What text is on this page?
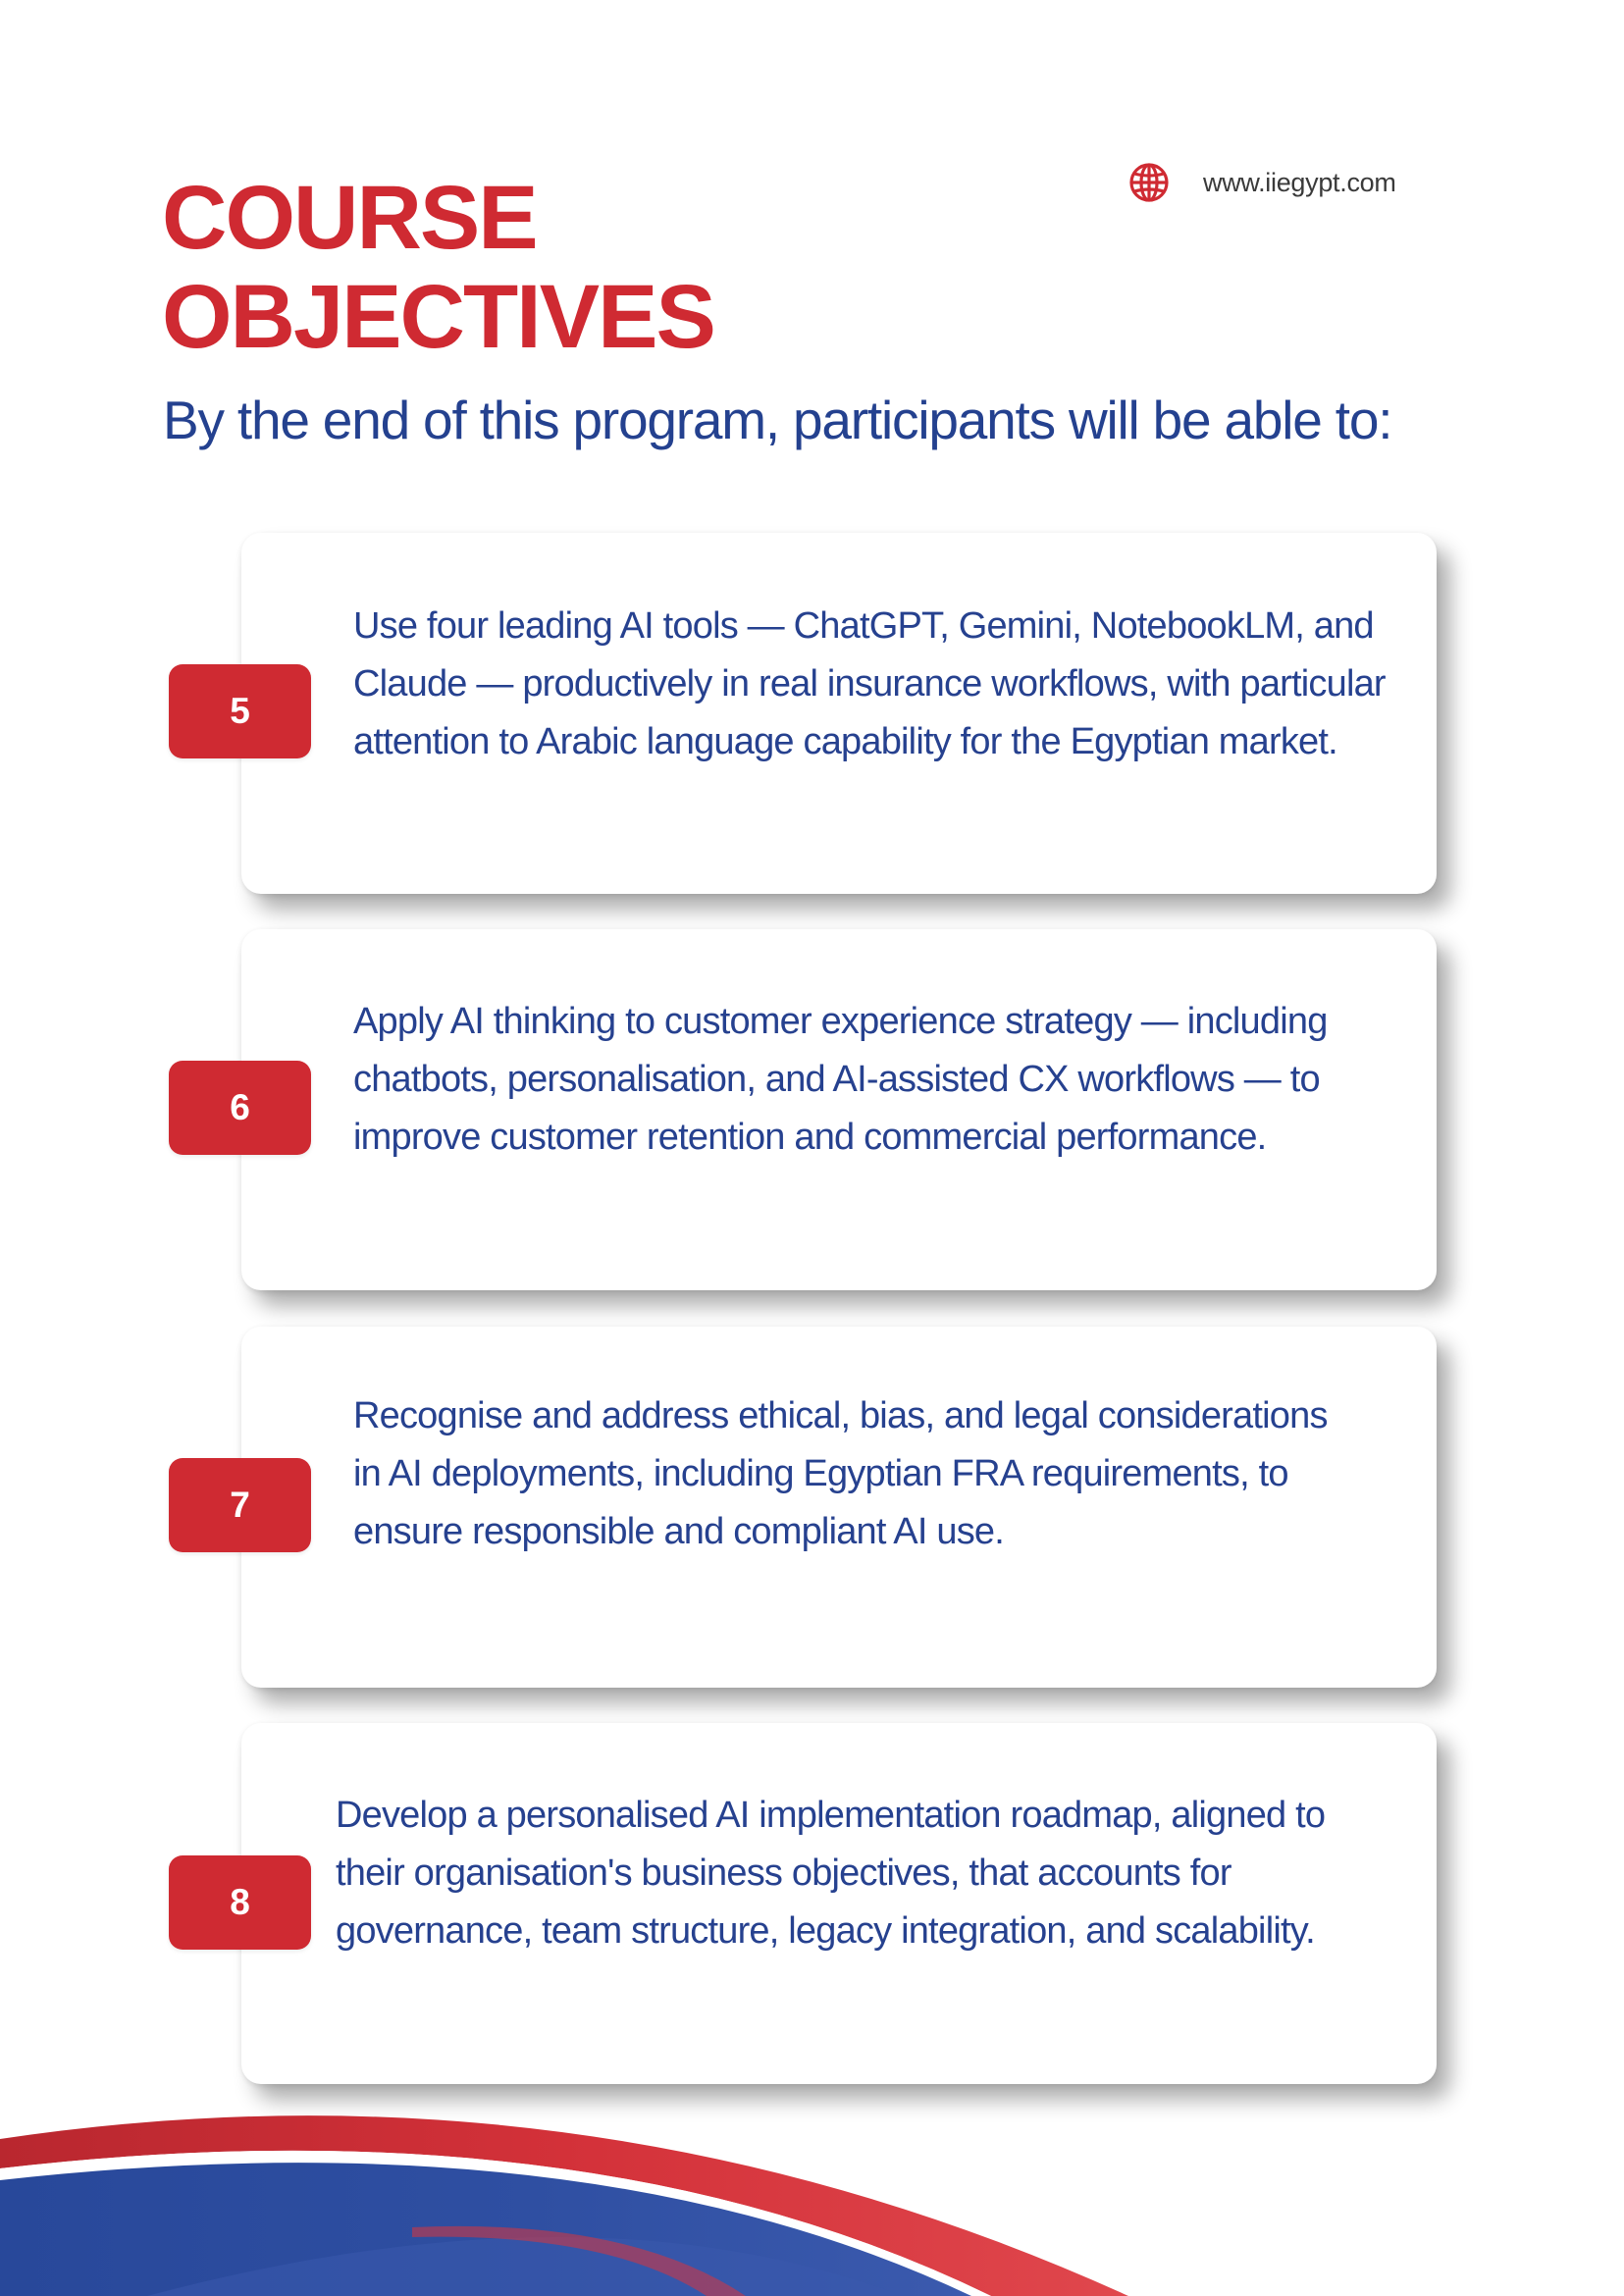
COURSE
OBJECTIVES
www.iiegypt.com

By the end of this program, participants will be able to:

Use four leading AI tools — ChatGPT, Gemini, NotebookLM, and Claude — productively in real insurance workflows, with particular attention to Arabic language capability for the Egyptian market.

5

Apply AI thinking to customer experience strategy — including chatbots, personalisation, and AI-assisted CX workflows — to improve customer retention and commercial performance.

6

Recognise and address ethical, bias, and legal considerations in AI deployments, including Egyptian FRA requirements, to ensure responsible and compliant AI use.

7

Develop a personalised AI implementation roadmap, aligned to their organisation's business objectives, that accounts for governance, team structure, legacy integration, and scalability.

8
